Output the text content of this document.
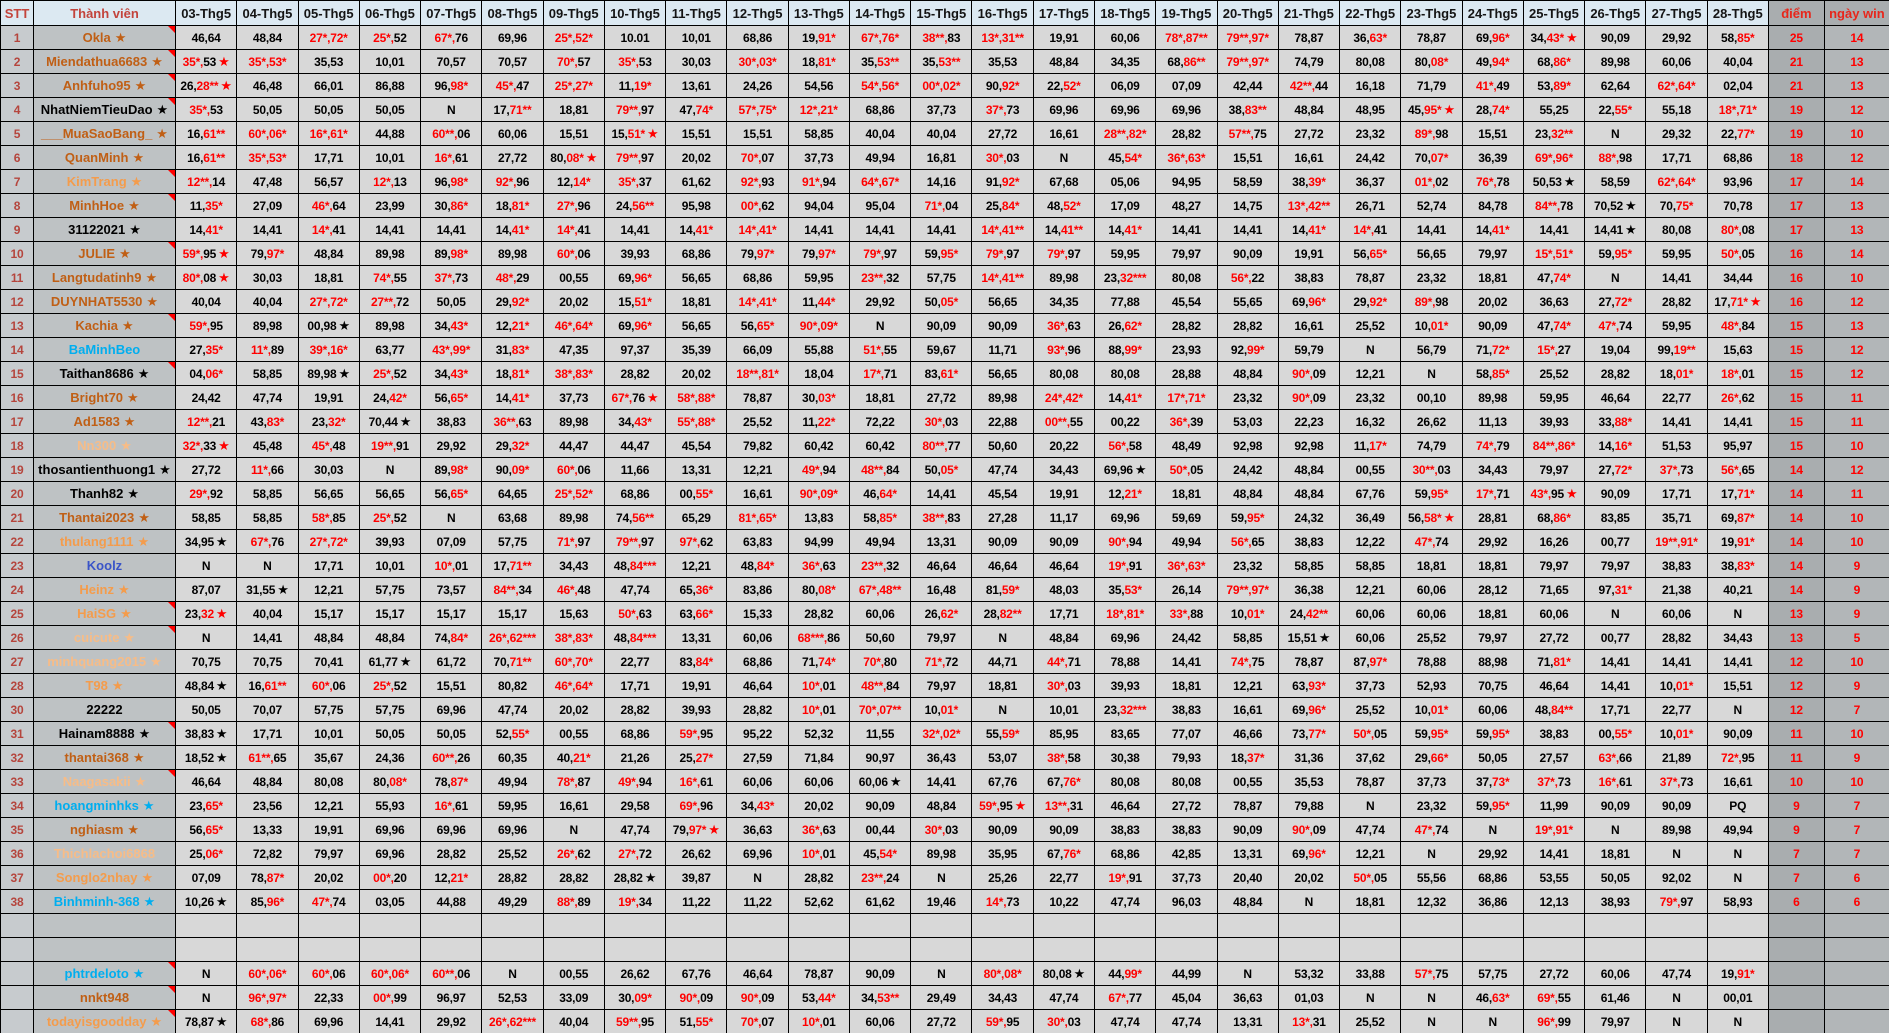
STT	Thành viên	03-Thg5	04-Thg5	05-Thg5	06-Thg5	07-Thg5	08-Thg5	09-Thg5	10-Thg5	11-Thg5	12-Thg5	13-Thg5	14-Thg5	15-Thg5	16-Thg5	17-Thg5	18-Thg5	19-Thg5	20-Thg5	21-Thg5	22-Thg5	23-Thg5	24-Thg5	25-Thg5	26-Thg5	27-Thg5	28-Thg5	điểm	ngày win
1	Okla ★	46,64	48,84	27*,72*	25*,52	67*,76	69,96	25*,52*	10.01	10,01	68,86	19,91*	67*,76*	38**,83	13*,31**	19,91	60,06	78*,87**	79**,97*	78,87	36,63*	78,87	69,96*	34,43* ★	90,09	29,92	58,85*	25	14
2	Miendathua6683 ★	35*,53 ★	35*,53*	35,53	10,01	70,57	70,57	70*,57	35*,53	30,03	30*,03*	18,81*	35,53**	35,53**	35,53	48,84	34,35	68,86**	79**,97*	74,79	80,08	80,08*	49,94*	68,86*	89,98	60,06	40,04	21	13
3	Anhfuho95 ★	26,28** ★	46,48	66,01	86,88	96,98*	45*,47	25*,27*	11,19*	13,61	24,26	54,56	54*,56*	00*,02*	90,92*	22,52*	06,09	07,09	42,44	42**,44	16,18	71,79	41*,49	53,89*	62,64	62*,64*	02,04	21	13
4	NhatNiemTieuDao ★	35*,53	50,05	50,05	50,05	N	17,71**	18,81	79**,97	47,74*	57*,75*	12*,21*	68,86	37,73	37*,73	69,96	69,96	69,96	38,83**	48,84	48,95	45,95* ★	28,74*	55,25	22,55*	55,18	18*,71*	19	12
5	___MuaSaoBang_ ★	16,61**	60*,06*	16*,61*	44,88	60**,06	60,06	15,51	15,51* ★	15,51	15,51	58,85	40,04	40,04	27,72	16,61	28**,82*	28,82	57**,75	27,72	23,32	89*,98	15,51	23,32**	N	29,32	22,77*	19	10
6	QuanMinh ★	16,61**	35*,53*	17,71	10,01	16*,61	27,72	80,08* ★	79**,97	20,02	70*,07	37,73	49,94	16,81	30*,03	N	45,54*	36*,63*	15,51	16,61	24,42	70,07*	36,39	69*,96*	88*,98	17,71	68,86	18	12
7	KimTrang ★	12**,14	47,48	56,57	12*,13	96,98*	92*,96	12,14*	35*,37	61,62	92*,93	91*,94	64*,67*	14,16	91,92*	67,68	05,06	94,95	58,59	38,39*	36,37	01*,02	76*,78	50,53 ★	58,59	62*,64*	93,96	17	14
8	MinhHoe ★	11,35*	27,09	46*,64	23,99	30,86*	18,81*	27*,96	24,56**	95,98	00*,62	94,04	95,04	71*,04	25,84*	48,52*	17,09	48,27	14,75	13*,42**	26,71	52,74	84,78	84**,78	70,52 ★	70,75*	70,78	17	13
9	31122021 ★	14,41*	14,41	14*,41	14,41	14,41	14,41*	14*,41	14,41	14,41*	14*,41*	14,41	14,41	14,41	14*,41**	14,41**	14,41*	14,41	14,41	14,41*	14*,41	14,41	14,41*	14,41	14,41 ★	80,08	80*,08	17	13
10	JULIE ★	59*,95 ★	79,97*	48,84	89,98	89,98*	89,98	60*,06	39,93	68,86	79,97*	79,97*	79*,97	59,95*	79*,97	79*,97	59,95	79,97	90,09	19,91	56,65*	56,65	79,97	15*,51*	59,95*	59,95	50*,05	16	14
11	Langtudatinh9 ★	80*,08 ★	30,03	18,81	74*,55	37*,73	48*,29	00,55	69,96*	56,65	68,86	59,95	23**,32	57,75	14*,41**	89,98	23,32***	80,08	56*,22	38,83	78,87	23,32	18,81	47,74*	N	14,41	34,44	16	10
12	DUYNHAT5530 ★	40,04	40,04	27*,72*	27**,72	50,05	29,92*	20,02	15,51*	18,81	14*,41*	11,44*	29,92	50,05*	56,65	34,35	77,88	45,54	55,65	69,96*	29,92*	89*,98	20,02	36,63	27,72*	28,82	17,71* ★	16	12
13	Kachia ★	59*,95	89,98	00,98 ★	89,98	34,43*	12,21*	46*,64*	69,96*	56,65	56,65*	90*,09*	N	90,09	90,09	36*,63	26,62*	28,82	28,82	16,61	25,52	10,01*	90,09	47,74*	47*,74	59,95	48*,84	15	13
14	BaMinhBeo	27,35*	11*,89	39*,16*	63,77	43*,99*	31,83*	47,35	97,37	35,39	66,09	55,88	51*,55	59,67	11,71	93*,96	88,99*	23,93	92,99*	59,79	N	56,79	71,72*	15*,27	19,04	99,19**	15,63	15	12
15	Taithan8686 ★	04,06*	58,85	89,98 ★	25*,52	34,43*	18,81*	38*,83*	28,82	20,02	18**,81*	18,04	17*,71	83,61*	56,65	80,08	80,08	28,88	48,84	90*,09	12,21	N	58,85*	25,52	28,82	18,01*	18*,01	15	12
16	Bright70 ★	24,42	47,74	19,91	24,42*	56,65*	14,41*	37,73	67*,76 ★	58*,88*	78,87	30,03*	18,81	27,72	89,98	24*,42*	14,41*	17*,71*	23,32	90*,09	23,32	00,10	89,98	59,95	46,64	22,77	26*,62	15	11
17	Ad1583 ★	12**,21	43,83*	23,32*	70,44 ★	38,83	36**,63	89,98	34,43*	55*,88*	25,52	11,22*	72,22	30*,03	22,88	00**,55	00,22	36*,39	53,03	22,23	16,32	26,62	11,13	39,93	33,88*	14,41	14,41	15	11
18	Nn300 ★	32*,33 ★	45,48	45*,48	19**,91	29,92	29,32*	44,47	44,47	45,54	79,82	60,42	60,42	80**,77	50,60	20,22	56*,58	48,49	92,98	92,98	11,17*	74,79	74*,79	84**,86*	14,16*	51,53	95,97	15	10
19	thosantienthuong1 ★	27,72	11*,66	30,03	N	89,98*	90,09*	60*,06	11,66	13,31	12,21	49*,94	48**,84	50,05*	47,74	34,43	69,96 ★	50*,05	24,42	48,84	00,55	30**,03	34,43	79,97	27,72*	37*,73	56*,65	14	12
20	Thanh82 ★	29*,92	58,85	56,65	56,65	56,65*	64,65	25*,52*	68,86	00,55*	16,61	90*,09*	46,64*	14,41	45,54	19,91	12,21*	18,81	48,84	48,84	67,76	59,95*	17*,71	43*,95 ★	90,09	17,71	17,71*	14	11
21	Thantai2023 ★	58,85	58,85	58*,85	25*,52	N	63,68	89,98	74,56**	65,29	81*,65*	13,83	58,85*	38**,83	27,28	11,17	69,96	59,69	59,95*	24,32	36,49	56,58* ★	28,81	68,86*	83,85	35,71	69,87*	14	10
22	thulang1111 ★	34,95 ★	67*,76	27*,72*	39,93	07,09	57,75	71*,97	79**,97	97*,62	63,83	94,99	49,94	13,31	90,09	90,09	90*,94	49,94	56*,65	38,83	12,22	47*,74	29,92	16,26	00,77	19**,91*	19,91*	14	10
23	Koolz	N	N	17,71	10,01	10*,01	17,71**	34,43	48,84***	12,21	48,84*	36*,63	23**,32	46,64	46,64	46,64	19*,91	36*,63*	23,32	58,85	58,85	18,81	18,81	79,97	79,97	38,83	38,83*	14	9
24	Heinz ★	87,07	31,55 ★	12,21	57,75	73,57	84**,34	46*,48	47,74	65,36*	83,86	80,08*	67*,48**	16,48	81,59*	48,03	35,53*	26,14	79**,97*	36,38	12,21	60,06	28,12	71,65	97,31*	21,38	40,21	14	9
25	HaiSG ★	23,32 ★	40,04	15,17	15,17	15,17	15,17	15,63	50*,63	63,66*	15,33	28,82	60,06	26,62*	28,82**	17,71	18*,81*	33*,88	10,01*	24,42**	60,06	60,06	18,81	60,06	N	60,06	N	13	9
26	cuicute ★	N	14,41	48,84	48,84	74,84*	26*,62***	38*,83*	48,84***	13,31	60,06	68***,86	50,60	79,97	N	48,84	69,96	24,42	58,85	15,51 ★	60,06	25,52	79,97	27,72	00,77	28,82	34,43	13	5
27	minhquang2015 ★	70,75	70,75	70,41	61,77 ★	61,72	70,71**	60*,70*	22,77	83,84*	68,86	71,74*	70*,80	71*,72	44,71	44*,71	78,88	14,41	74*,75	78,87	87,97*	78,88	88,98	71,81*	14,41	14,41	14,41	12	10
28	T98 ★	48,84 ★	16,61**	60*,06	25*,52	15,51	80,82	46*,64*	17,71	19,91	46,64	10*,01	48**,84	79,97	18,81	30*,03	39,93	18,81	12,21	63,93*	37,73	52,93	70,75	46,64	14,41	10,01*	15,51	12	9
30	22222	50,05	70,07	57,75	57,75	69,96	47,74	20,02	28,82	39,93	28,82	10*,01	70*,07**	10,01*	N	10,01	23,32***	38,83	16,61	69,96*	25,52	10,01*	60,06	48,84**	17,71	22,77	N	12	7
31	Hainam8888 ★	38,83 ★	17,71	10,01	50,05	50,05	52,55*	00,55	68,86	59*,95	95,22	52,32	11,55	32*,02*	55,59*	85,95	83,65	77,07	46,66	73,77*	50*,05	59,95*	59,95*	38,83	00,55*	10,01*	90,09	11	10
32	thantai368 ★	18,52 ★	61**,65	35,67	24,36	60**,26	60,35	40,21*	21,26	25,27*	27,59	71,84	90,97	36,43	53,07	38*,58	30,38	79,93	18,37*	31,36	37,62	29,66*	50,05	27,57	63*,66	21,89	72*,95	11	9
33	Naagasakii ★	46,64	48,84	80,08	80,08*	78,87*	49,94	78*,87	49*,94	16*,61	60,06	60,06	60,06 ★	14,41	67,76	67,76*	80,08	80,08	00,55	35,53	78,87	37,73	37,73*	37*,73	16*,61	37*,73	16,61	10	10
34	hoangminhks ★	23,65*	23,56	12,21	55,93	16*,61	59,95	16,61	29,58	69*,96	34,43*	20,02	90,09	48,84	59*,95 ★	13**,31	46,64	27,72	78,87	79,88	N	23,32	59,95*	11,99	90,09	90,09	PQ	9	7
35	nghiasm ★	56,65*	13,33	19,91	69,96	69,96	69,96	N	47,74	79,97* ★	36,63	36*,63	00,44	30*,03	90,09	90,09	38,83	38,83	90,09	90*,09	47,74	47*,74	N	19*,91*	N	89,98	49,94	9	7
36	Thichlachoi6868	25,06*	72,82	79,97	69,96	28,82	25,52	26*,62	27*,72	26,62	69,96	10*,01	45,54*	89,98	35,95	67,76*	68,86	42,85	13,31	69,96*	12,21	N	29,92	14,41	18,81	N	N	7	7
37	Songlo2nhay ★	07,09	78,87*	20,02	00*,20	12,21*	28,82	28,82	28,82 ★	39,87	N	28,82	23**,24	N	25,26	22,77	19*,91	37,73	20,40	20,02	50*,05	55,56	68,86	53,55	50,05	92,02	N	7	6
38	Binhminh-368 ★	10,26 ★	85,96*	47*,74	03,05	44,88	49,29	88*,89	19*,34	11,22	11,22	52,62	61,62	19,46	14*,73	10,22	47,74	96,03	48,84	N	18,81	12,32	36,86	12,13	38,93	79*,97	58,93	6	6

	phtrdeloto ★	N	60*,06*	60*,06	60*,06*	60**,06	N	00,55	26,62	67,76	46,64	78,87	90,09	N	80*,08*	80,08 ★	44,99*	44,99	N	53,32	33,88	57*,75	57,75	27,72	60,06	47,74	19,91*		
	nnkt948	N	96*,97*	22,33	00*,99	96,97	52,53	33,09	30,09*	90*,09	90*,09	53,44*	34,53**	29,49	34,43	47,74	67*,77	45,04	36,63	01,03	N	N	46,63*	69*,55	61,46	N	00,01		
	todayisgoodday ★	78,87 ★	68*,86	69,96	14,41	29,92	26*,62***	40,04	59**,95	51,55*	70*,07	10*,01	60,06	27,72	59*,95	30*,03	47,74	47,74	13,31	13*,31	25,52	N	N	96*,99	79,97	N	N		
